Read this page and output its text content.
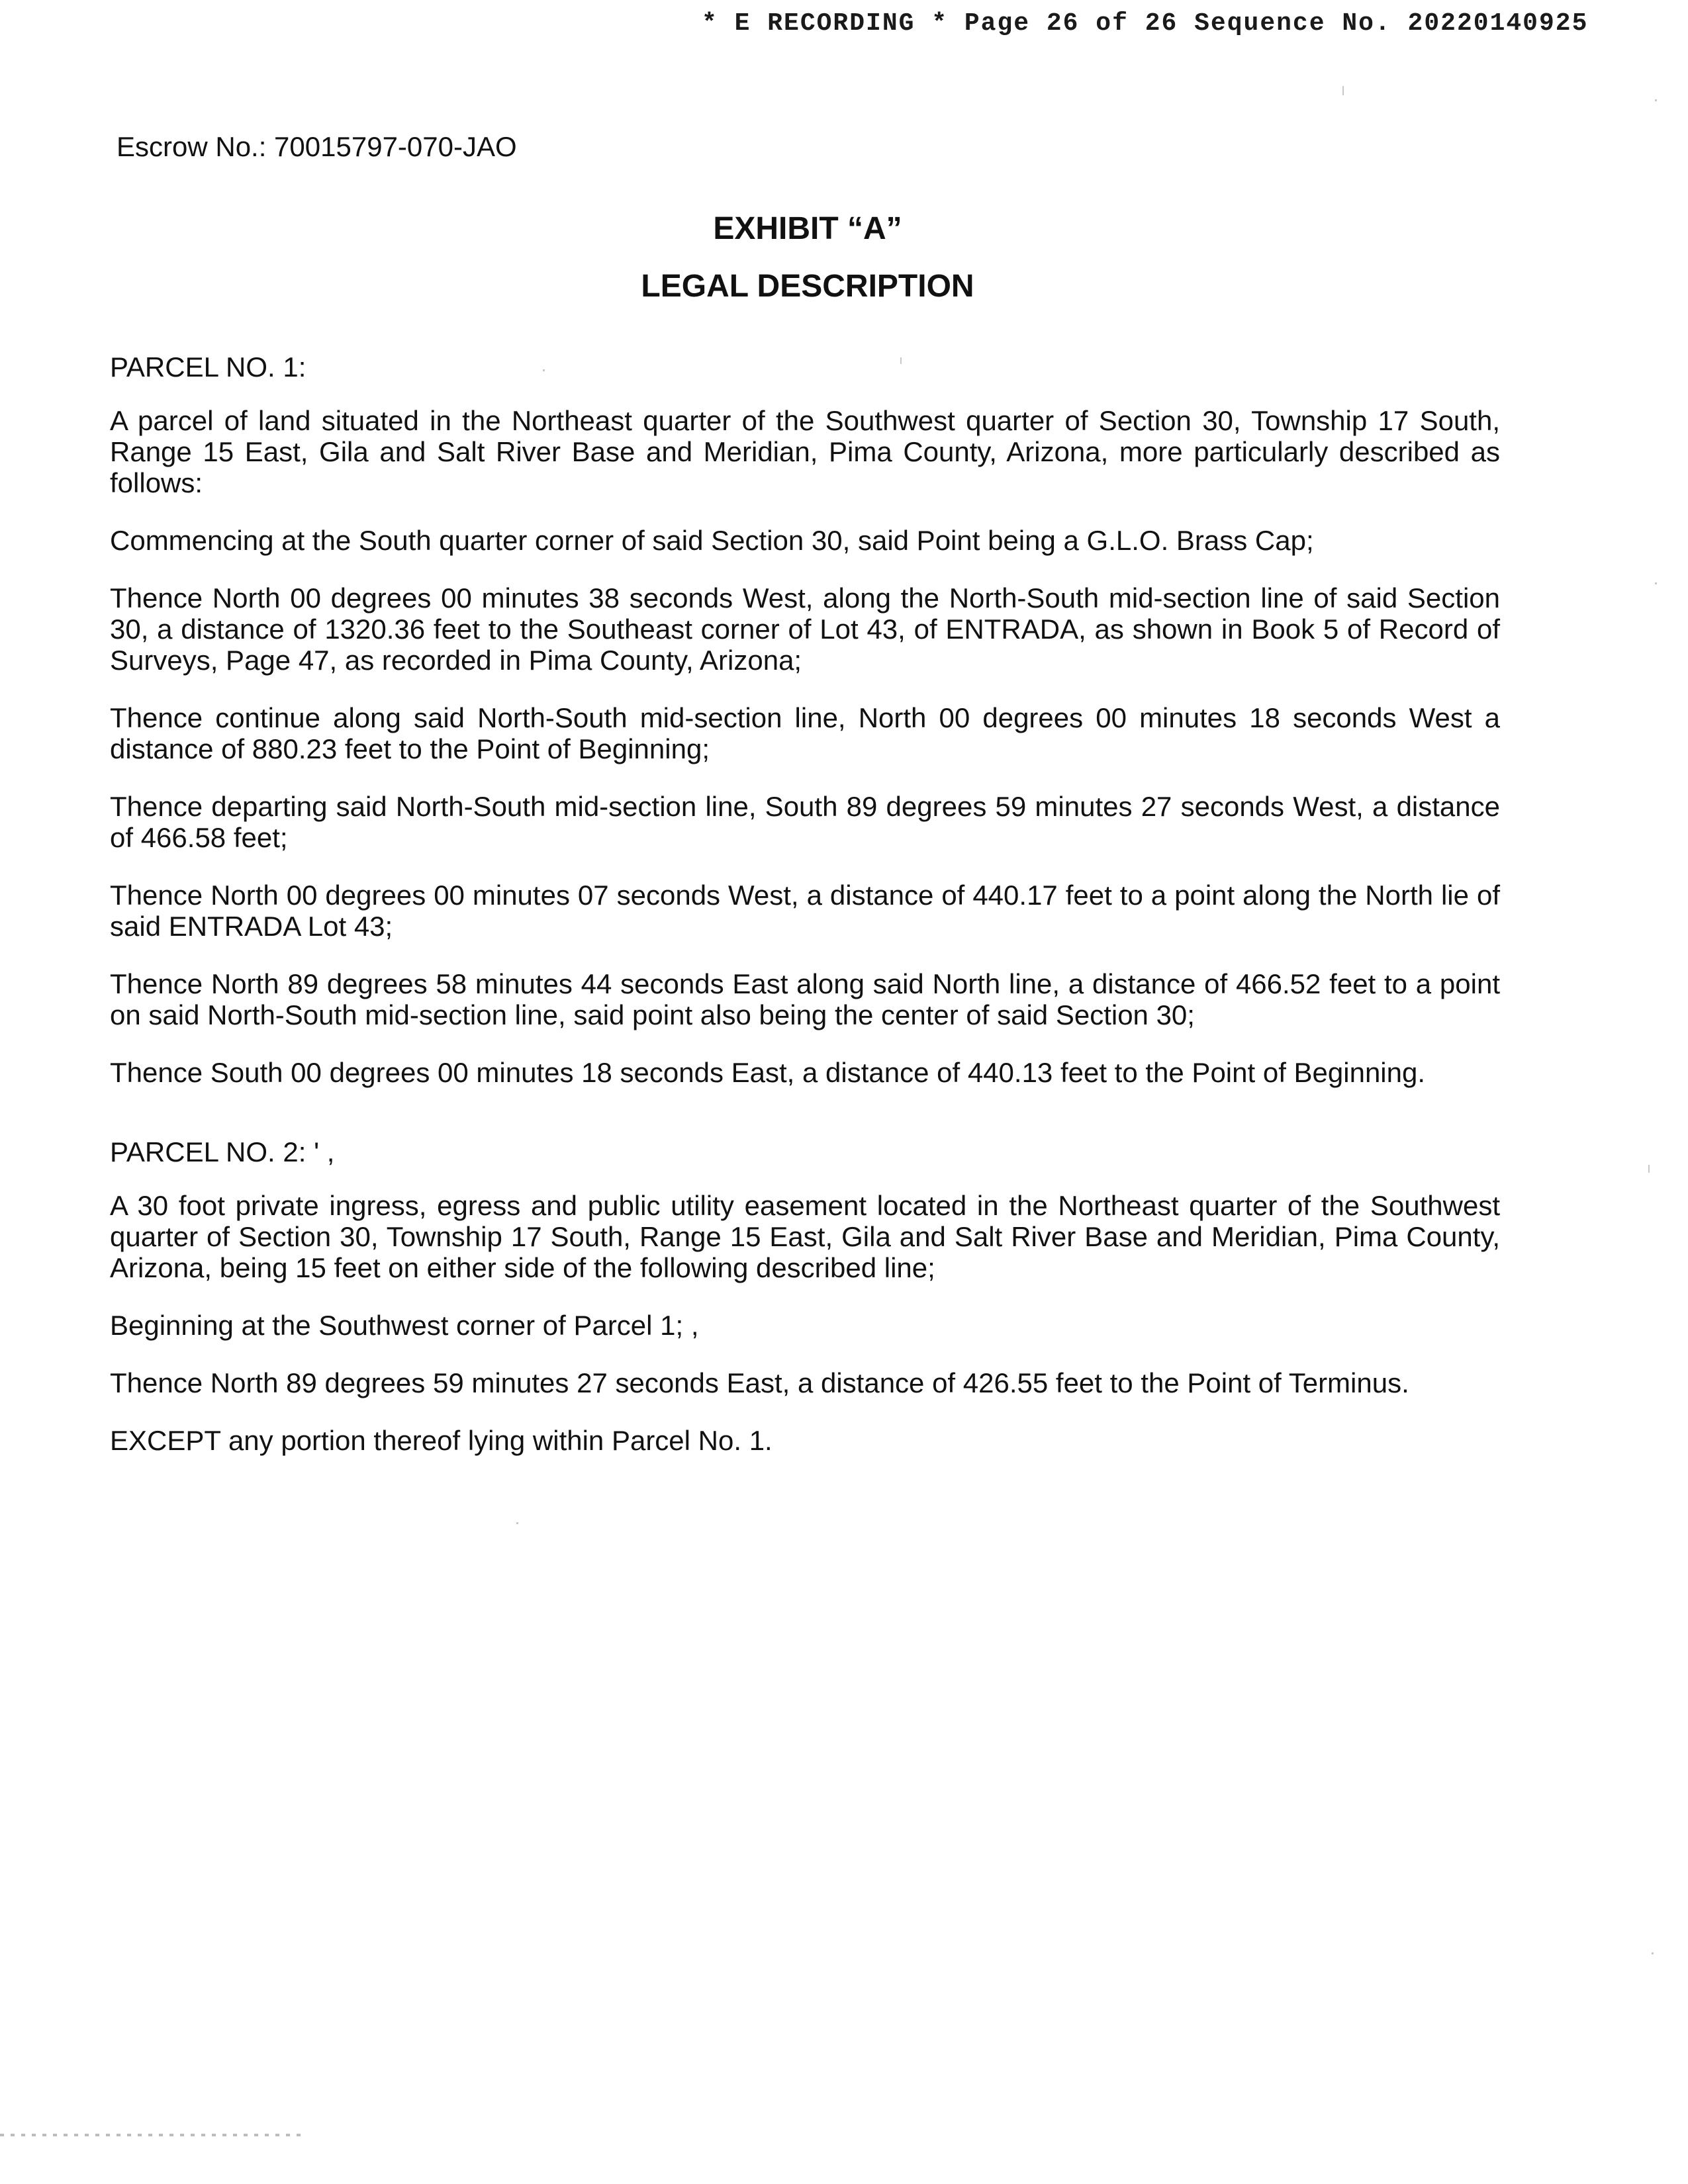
* E RECORDING * Page 26 of 26 Sequence No. 20220140925
Escrow No.: 70015797-070-JAO
EXHIBIT “A”
LEGAL DESCRIPTION
PARCEL NO. 1:

A parcel of land situated in the Northeast quarter of the Southwest quarter of Section 30, Township 17 South, Range 15 East, Gila and Salt River Base and Meridian, Pima County, Arizona, more particularly described as follows:

Commencing at the South quarter corner of said Section 30, said Point being a G.L.O. Brass Cap;

Thence North 00 degrees 00 minutes 38 seconds West, along the North-South mid-section line of said Section 30, a distance of 1320.36 feet to the Southeast corner of Lot 43, of ENTRADA, as shown in Book 5 of Record of Surveys, Page 47, as recorded in Pima County, Arizona;

Thence continue along said North-South mid-section line, North 00 degrees 00 minutes 18 seconds West a distance of 880.23 feet to the Point of Beginning;

Thence departing said North-South mid-section line, South 89 degrees 59 minutes 27 seconds West, a distance of 466.58 feet;

Thence North 00 degrees 00 minutes 07 seconds West, a distance of 440.17 feet to a point along the North lie of said ENTRADA Lot 43;

Thence North 89 degrees 58 minutes 44 seconds East along said North line, a distance of 466.52 feet to a point on said North-South mid-section line, said point also being the center of said Section 30;

Thence South 00 degrees 00 minutes 18 seconds East, a distance of 440.13 feet to the Point of Beginning.

PARCEL NO. 2: ' ,

A 30 foot private ingress, egress and public utility easement located in the Northeast quarter of the Southwest quarter of Section 30, Township 17 South, Range 15 East, Gila and Salt River Base and Meridian, Pima County, Arizona, being 15 feet on either side of the following described line;

Beginning at the Southwest corner of Parcel 1; ,

Thence North 89 degrees 59 minutes 27 seconds East, a distance of 426.55 feet to the Point of Terminus.

EXCEPT any portion thereof lying within Parcel No. 1.
